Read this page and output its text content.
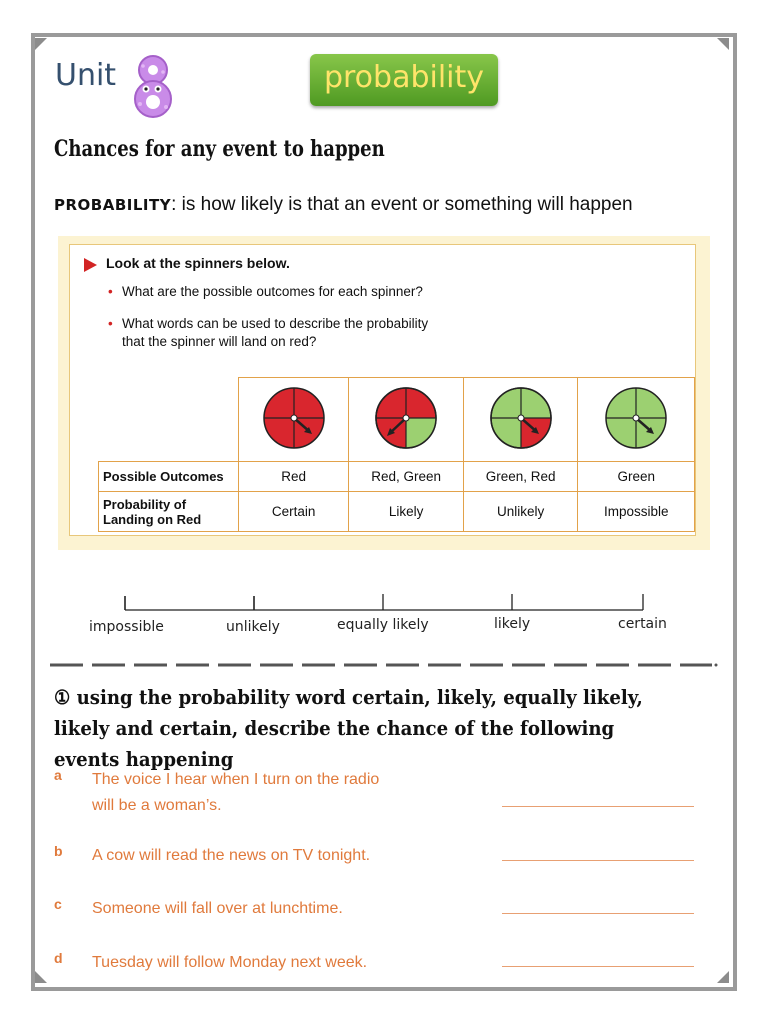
Unit	probability
Chances for any event to happen
PROBABILITY: is how likely is that an event or something will happen
Look at the spinners below.
• What are the possible outcomes for each spinner?
• What words can be used to describe the probability
that the spinner will land on red?

Possible Outcomes	Red	Red, Green	Green, Red	Green
Probability of
Landing on Red	Certain	Likely	Unlikely	Impossible
impossible	unlikely	equally likely	likely	certain
① using the probability word certain, likely, equally likely, likely and certain, describe the chance of the following events happening
a The voice I hear when I turn on the radio
will be a woman’s.
b A cow will read the news on TV tonight.
c Someone will fall over at lunchtime.
d Tuesday will follow Monday next week.
